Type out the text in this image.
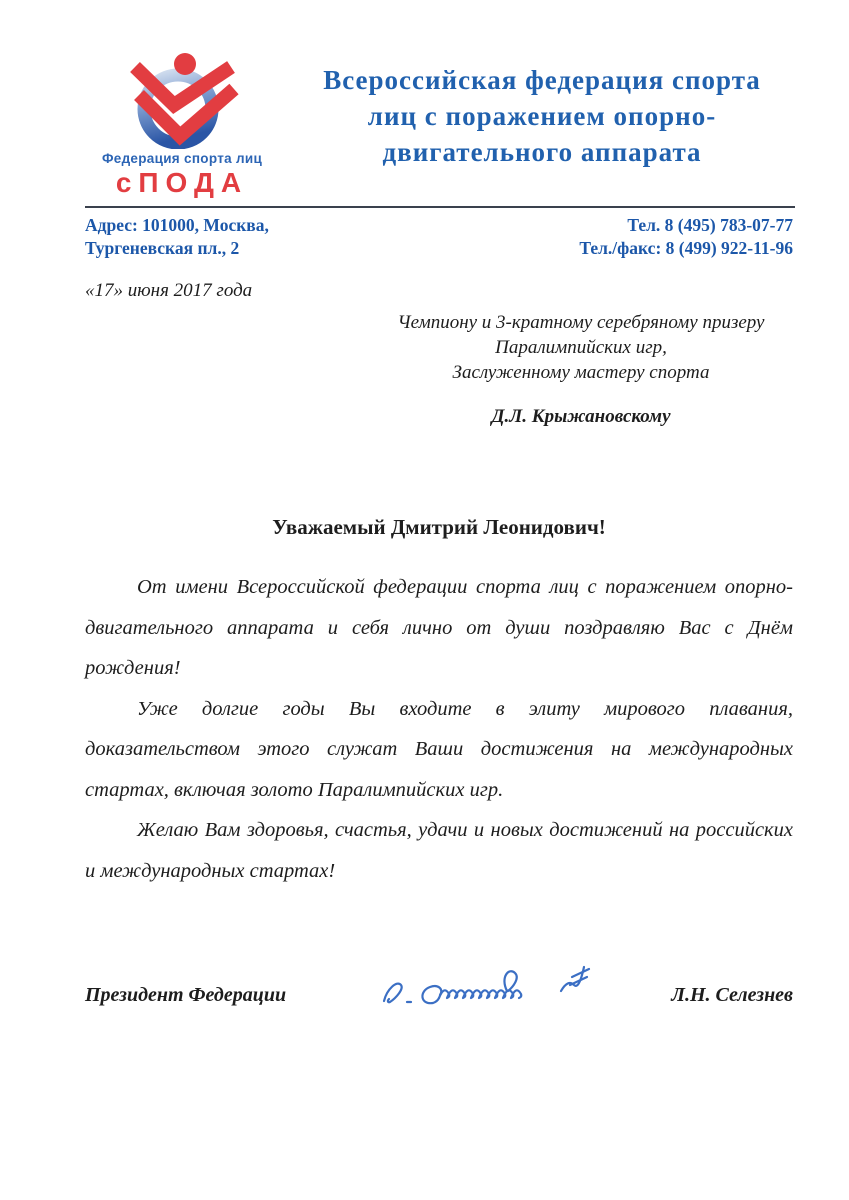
Федерация спорта лиц
сПОДА
Всероссийская федерация спорта
лиц с поражением опорно-
двигательного аппарата
Адрес: 101000, Москва,
Тургеневская пл., 2
Тел. 8 (495) 783-07-77
Тел./факс: 8 (499) 922-11-96
«17» июня 2017 года
Чемпиону и 3-кратному серебряному призеру
Паралимпийских игр,
Заслуженному мастеру спорта
Д.Л. Крыжановскому
Уважаемый Дмитрий Леонидович!

От имени Всероссийской федерации спорта лиц с поражением опорно-двигательного аппарата и себя лично от души поздравляю Вас с Днём рождения!

Уже долгие годы Вы входите в элиту мирового плавания, доказательством этого служат Ваши достижения на международных стартах, включая золото Паралимпийских игр.

Желаю Вам здоровья, счастья, удачи и новых достижений на российских и международных стартах!

Президент Федерации	Л.Н. Селезнев
